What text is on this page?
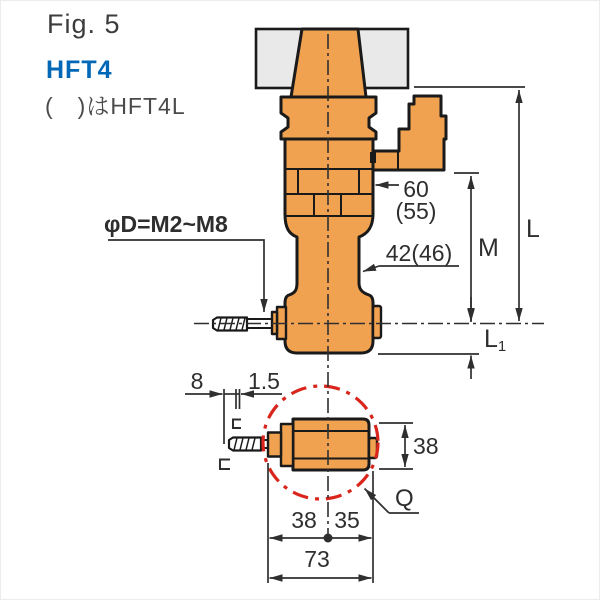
Fig. 5
HFT4
(　)はHFT4L
L
M
L1
60
(55)
42(46)
φD=M2~M8
8 1.5
38
Q
38 35
73
